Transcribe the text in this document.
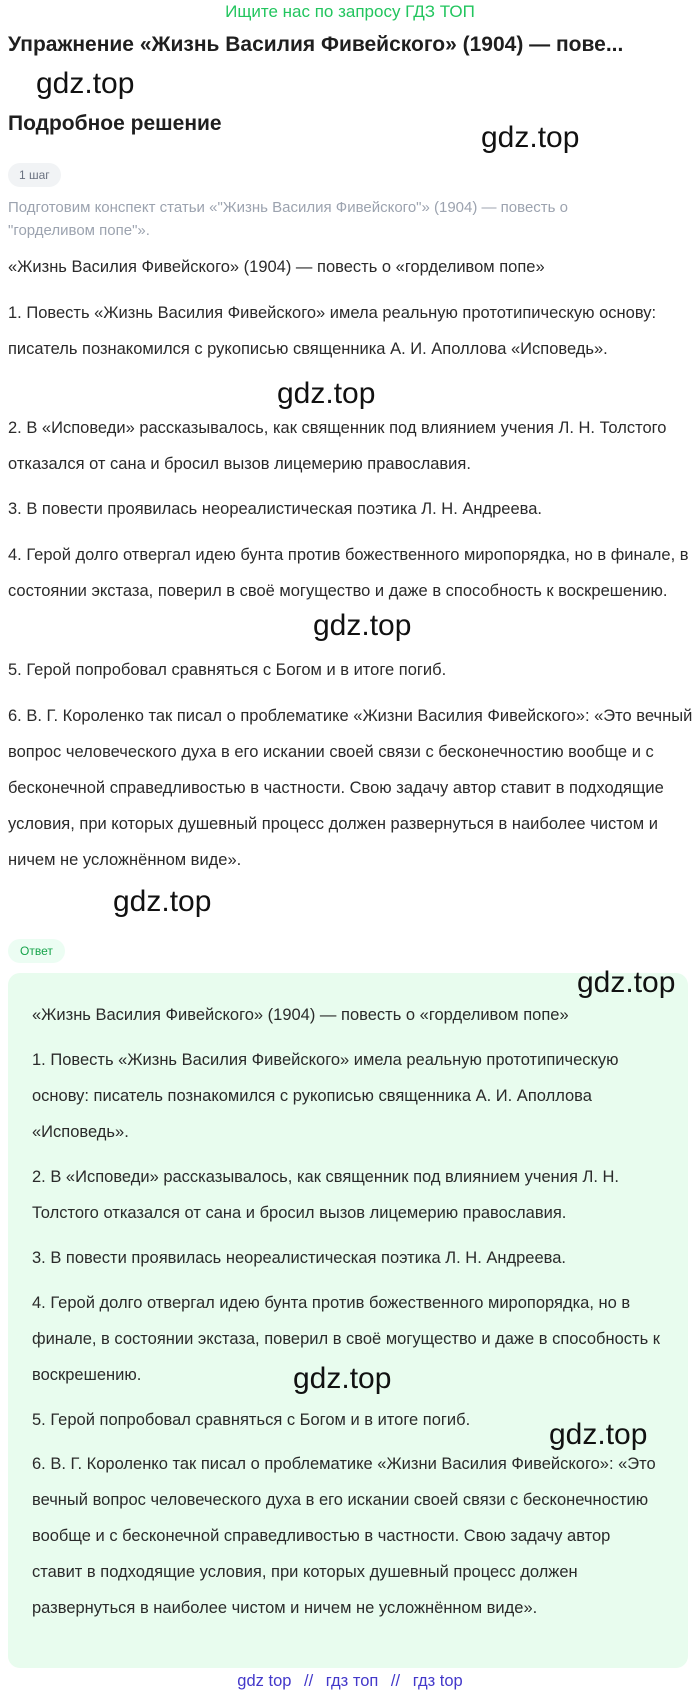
Ищите нас по запросу ГДЗ ТОП
Упражнение «Жизнь Василия Фивейского» (1904) — пове...
Подробное решение
1 шаг
Подготовим конспект статьи «"Жизнь Василия Фивейского"» (1904) — повесть о "горделивом попе"».

«Жизнь Василия Фивейского» (1904) — повесть о «горделивом попе»

1. Повесть «Жизнь Василия Фивейского» имела реальную прототипическую основу: писатель познакомился с рукописью священника А. И. Аполлова «Исповедь».

2. В «Исповеди» рассказывалось, как священник под влиянием учения Л. Н. Толстого отказался от сана и бросил вызов лицемерию православия.

3. В повести проявилась неореалистическая поэтика Л. Н. Андреева.

4. Герой долго отвергал идею бунта против божественного миропорядка, но в финале, в состоянии экстаза, поверил в своё могущество и даже в способность к воскрешению.

5. Герой попробовал сравняться с Богом и в итоге погиб.

6. В. Г. Короленко так писал о проблематике «Жизни Василия Фивейского»: «Это вечный вопрос человеческого духа в его искании своей связи с бесконечностию вообще и с бесконечной справедливостью в частности. Свою задачу автор ставит в подходящие условия, при которых душевный процесс должен развернуться в наиболее чистом и ничем не усложнённом виде».

Ответ

«Жизнь Василия Фивейского» (1904) — повесть о «горделивом попе»

1. Повесть «Жизнь Василия Фивейского» имела реальную прототипическую основу: писатель познакомился с рукописью священника А. И. Аполлова «Исповедь».

2. В «Исповеди» рассказывалось, как священник под влиянием учения Л. Н. Толстого отказался от сана и бросил вызов лицемерию православия.

3. В повести проявилась неореалистическая поэтика Л. Н. Андреева.

4. Герой долго отвергал идею бунта против божественного миропорядка, но в финале, в состоянии экстаза, поверил в своё могущество и даже в способность к воскрешению.

5. Герой попробовал сравняться с Богом и в итоге погиб.

6. В. Г. Короленко так писал о проблематике «Жизни Василия Фивейского»: «Это вечный вопрос человеческого духа в его искании своей связи с бесконечностию вообще и с бесконечной справедливостью в частности. Свою задачу автор ставит в подходящие условия, при которых душевный процесс должен развернуться в наиболее чистом и ничем не усложнённом виде».

gdz.top
gdz.top
gdz.top
gdz.top
gdz.top
gdz.top
gdz.top
gdz.top
gdz top // гдз топ // гдз top
